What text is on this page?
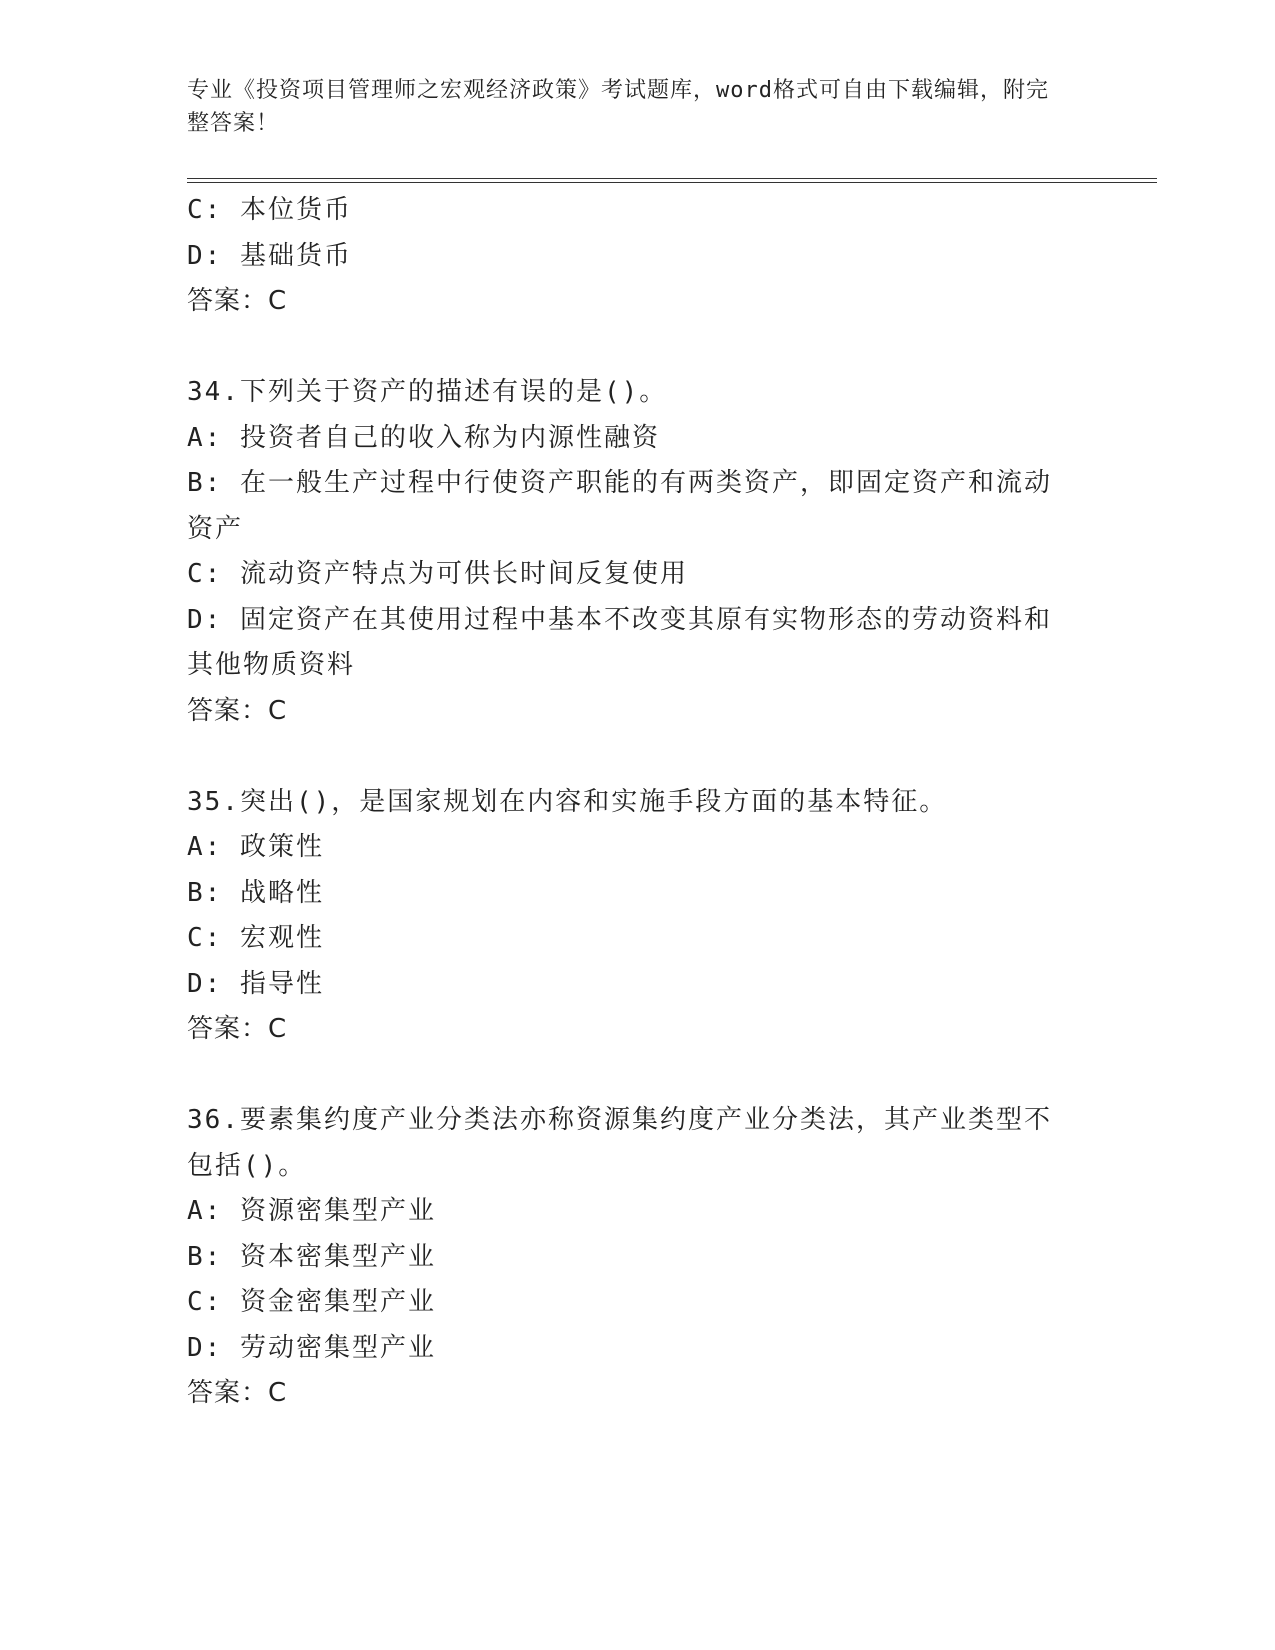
专业《投资项目管理师之宏观经济政策》考试题库，word格式可自由下载编辑，附完整答案！

C: 本位货币

D: 基础货币

答案：C

34.下列关于资产的描述有误的是()。

A: 投资者自己的收入称为内源性融资

B: 在一般生产过程中行使资产职能的有两类资产，即固定资产和流动资产

C: 流动资产特点为可供长时间反复使用

D: 固定资产在其使用过程中基本不改变其原有实物形态的劳动资料和其他物质资料

答案：C

35.突出()，是国家规划在内容和实施手段方面的基本特征。

A: 政策性

B: 战略性

C: 宏观性

D: 指导性

答案：C

36.要素集约度产业分类法亦称资源集约度产业分类法，其产业类型不包括()。

A: 资源密集型产业

B: 资本密集型产业

C: 资金密集型产业

D: 劳动密集型产业

答案：C
